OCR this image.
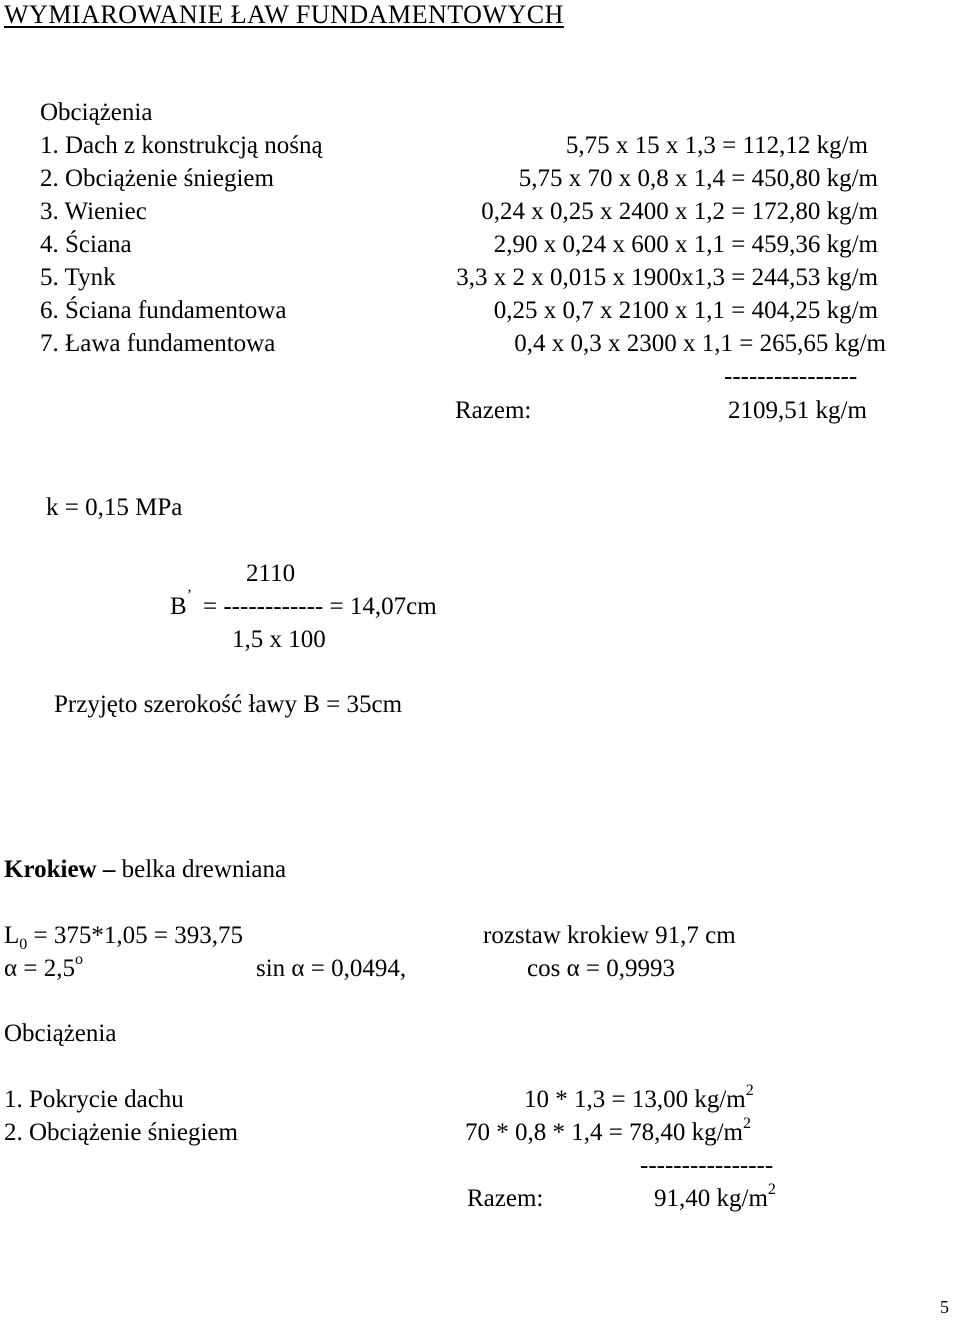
WYMIAROWANIE ŁAW FUNDAMENTOWYCH
Obciążenia
1. Dach z konstrukcją nośną	5,75 x 15 x 1,3 = 112,12 kg/m
2. Obciążenie śniegiem	5,75 x 70 x 0,8 x 1,4 = 450,80 kg/m
3. Wieniec	0,24 x 0,25 x 2400 x 1,2 = 172,80 kg/m
4. Ściana	2,90 x 0,24 x 600 x 1,1 = 459,36 kg/m
5. Tynk	3,3 x 2 x 0,015 x 1900x1,3 = 244,53 kg/m
6. Ściana fundamentowa	0,25 x 0,7 x 2100 x 1,1 = 404,25 kg/m
7. Ława fundamentowa	0,4 x 0,3 x 2300 x 1,1 = 265,65 kg/m
----------------
Razem:	2109,51 kg/m
k = 0,15 MPa
2110
B’ = ------------ = 14,07cm
1,5 x 100
Przyjęto szerokość ławy B = 35cm
Krokiew – belka drewniana
$L_0 = 375*1,05 = 393,75$	rozstaw krokiew 91,7 cm
$\alpha = 2,5^o$	sin α = 0,0494,	cos α = 0,9993
Obciążenia
1. Pokrycie dachu	10 * 1,3 = 13,00 $kg/m^2$
2. Obciążenie śniegiem	70 * 0,8 * 1,4 = 78,40 $kg/m^2$
----------------
Razem:	91,40 $kg/m^2$
5
